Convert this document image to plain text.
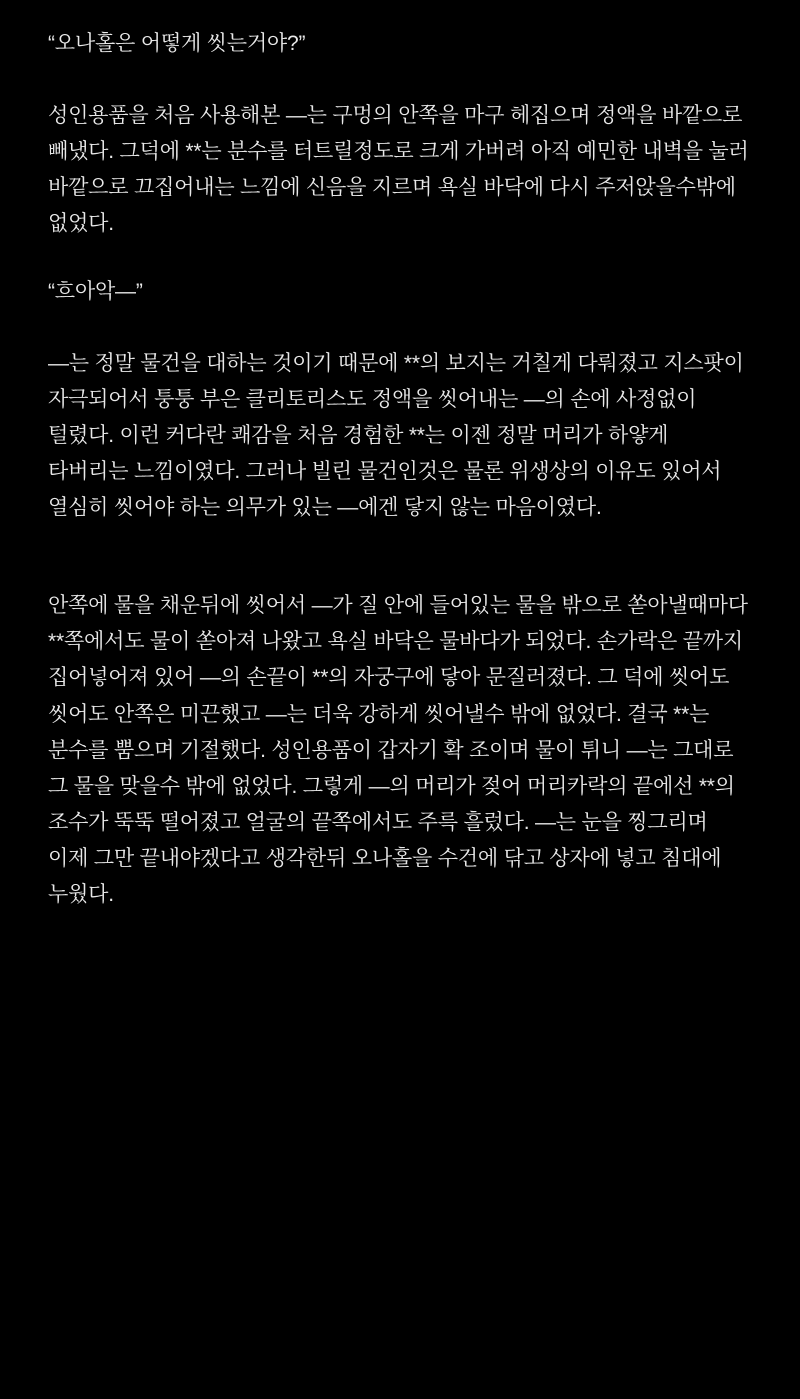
“오나홀은 어떻게 씻는거야?”

성인용품을 처음 사용해본 —는 구멍의 안쪽을 마구 헤집으며 정액을 바깥으로 빼냈다. 그덕에 **는 분수를 터트릴정도로 크게 가버려 아직 예민한 내벽을 눌러 바깥으로 끄집어내는 느낌에 신음을 지르며 욕실 바닥에 다시 주저앉을수밖에 없었다.

“흐아악—”

—는 정말 물건을 대하는 것이기 때문에 **의 보지는 거칠게 다뤄졌고 지스팟이 자극되어서 퉁퉁 부은 클리토리스도 정액을 씻어내는 —의 손에 사정없이 털렸다. 이런 커다란 쾌감을 처음 경험한 **는 이젠 정말 머리가 하얗게 타버리는 느낌이였다. 그러나 빌린 물건인것은 물론 위생상의 이유도 있어서 열심히 씻어야 하는 의무가 있는 —에겐 닿지 않는 마음이였다.

안쪽에 물을 채운뒤에 씻어서 —가 질 안에 들어있는 물을 밖으로 쏟아낼때마다 **쪽에서도 물이 쏟아져 나왔고 욕실 바닥은 물바다가 되었다. 손가락은 끝까지 집어넣어져 있어 —의 손끝이 **의 자궁구에 닿아 문질러졌다. 그 덕에 씻어도 씻어도 안쪽은 미끈했고 —는 더욱 강하게 씻어낼수 밖에 없었다. 결국 **는 분수를 뿜으며 기절했다. 성인용품이 갑자기 확 조이며 물이 튀니 —는 그대로 그 물을 맞을수 밖에 없었다. 그렇게 —의 머리가 젖어 머리카락의 끝에선 **의 조수가 뚝뚝 떨어졌고 얼굴의 끝쪽에서도 주륵 흘렀다. —는 눈을 찡그리며 이제 그만 끝내야겠다고 생각한뒤 오나홀을 수건에 닦고 상자에 넣고 침대에 누웠다.
